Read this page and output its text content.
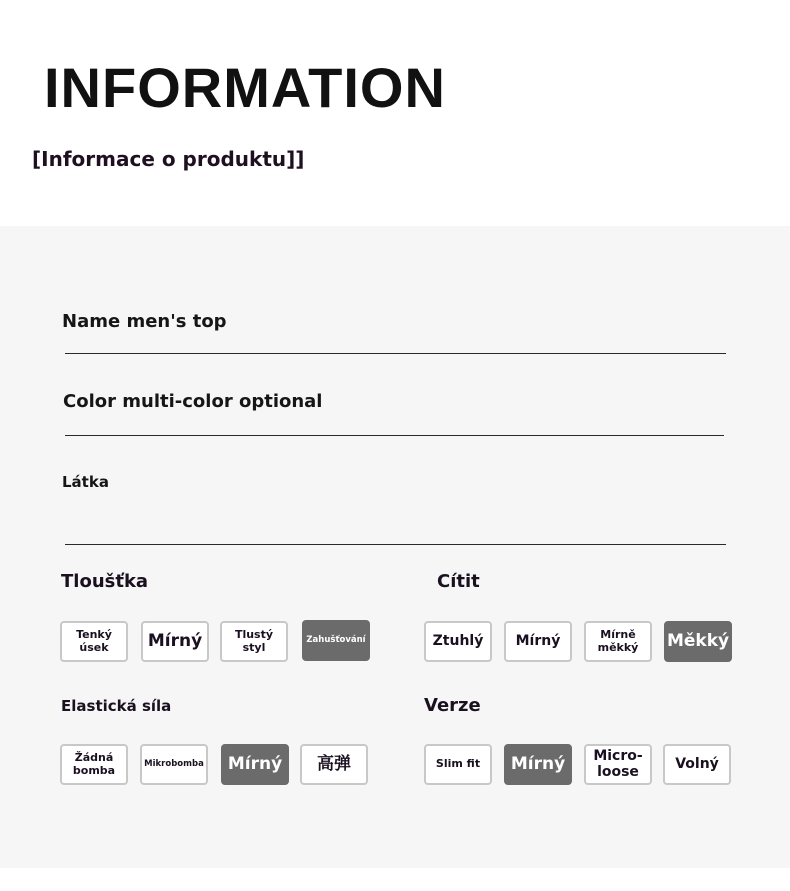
INFORMATION
[Informace o produktu]]

Name men's top

Color multi-color optional

Látka

Tloušťka

Tenký úsek	Mírný	Tlustý styl
Zahušťování

Cítit

Ztuhlý	Mírný	Mírně měkký	Měkký

Elastická síla

Žádná bomba	Mikrobomba	Mírný	高弹

Verze

Slim fit	Mírný	Micro-loose	Volný
